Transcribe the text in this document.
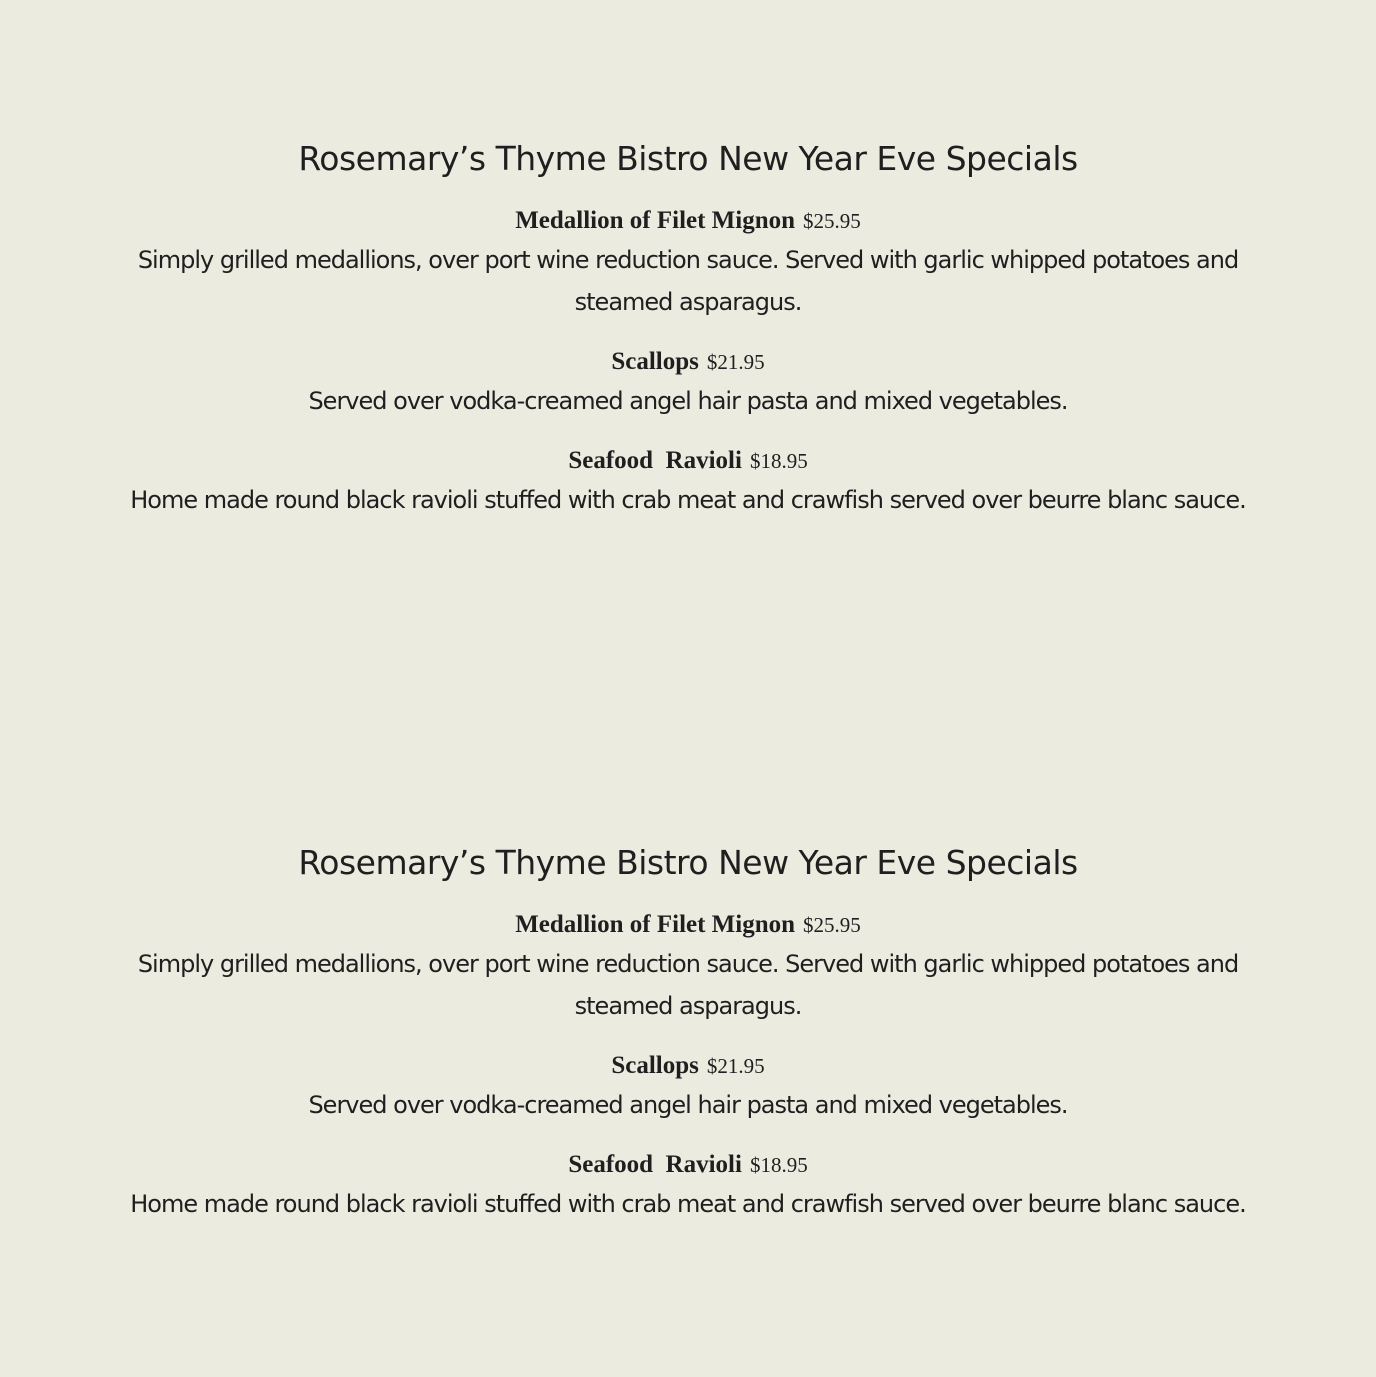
Rosemary’s Thyme Bistro New Year Eve Specials
Medallion of Filet Mignon $25.95
Simply grilled medallions, over port wine reduction sauce. Served with garlic whipped potatoes and steamed asparagus.
Scallops $21.95
Served over vodka-creamed angel hair pasta and mixed vegetables.
Seafood  Ravioli $18.95
Home made round black ravioli stuffed with crab meat and crawfish served over beurre blanc sauce.
Rosemary’s Thyme Bistro New Year Eve Specials
Medallion of Filet Mignon $25.95
Simply grilled medallions, over port wine reduction sauce. Served with garlic whipped potatoes and steamed asparagus.
Scallops $21.95
Served over vodka-creamed angel hair pasta and mixed vegetables.
Seafood  Ravioli $18.95
Home made round black ravioli stuffed with crab meat and crawfish served over beurre blanc sauce.
